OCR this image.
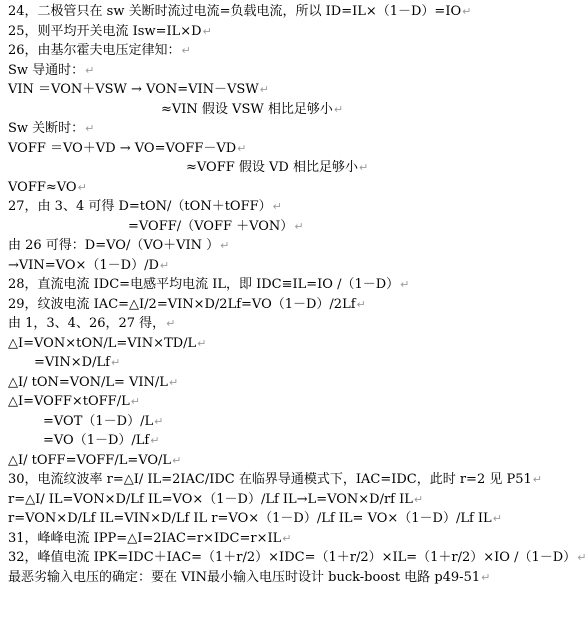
24，二极管只在 sw 关断时流过电流=负载电流，所以 ID=IL×（1－D）=IO↵
25，则平均开关电流 Isw=IL×D↵
26，由基尔霍夫电压定律知：↵
Sw 导通时：↵
VIN ＝VON＋VSW → VON=VIN－VSW↵
≈VIN 假设 VSW 相比足够小↵
Sw 关断时：↵
VOFF ＝VO＋VD → VO=VOFF－VD↵
≈VOFF 假设 VD 相比足够小↵
VOFF≈VO↵
27，由 3、4 可得 D=tON/（tON＋tOFF）↵
=VOFF/（VOFF ＋VON）↵
由 26 可得：D=VO/（VO＋VIN ）↵
→VIN=VO×（1－D）/D↵
28，直流电流 IDC=电感平均电流 IL，即 IDC≡IL=IO /（1－D）↵
29，纹波电流 IAC=△I/2=VIN×D/2Lf=VO（1－D）/2Lf↵
由 1，3、4、26，27 得，↵
△I=VON×tON/L=VIN×TD/L↵
=VIN×D/Lf↵
△I/ tON=VON/L= VIN/L↵
△I=VOFF×tOFF/L↵
=VOT（1－D）/L↵
=VO（1－D）/Lf↵
△I/ tOFF=VOFF/L=VO/L↵
30，电流纹波率 r=△I/ IL=2IAC/IDC 在临界导通模式下，IAC=IDC，此时 r=2 见 P51↵
r=△I/ IL=VON×D/Lf IL=VO×（1－D）/Lf IL→L=VON×D/rf IL↵
r=VON×D/Lf IL=VIN×D/Lf IL r=VO×（1－D）/Lf IL= VO×（1－D）/Lf IL↵
31，峰峰电流 IPP=△I=2IAC=r×IDC=r×IL↵
32，峰值电流 IPK=IDC＋IAC=（1＋r/2）×IDC=（1＋r/2）×IL=（1＋r/2）×IO /（1－D）↵
最恶劣输入电压的确定：要在 VIN最小输入电压时设计 buck-boost 电路 p49-51↵
